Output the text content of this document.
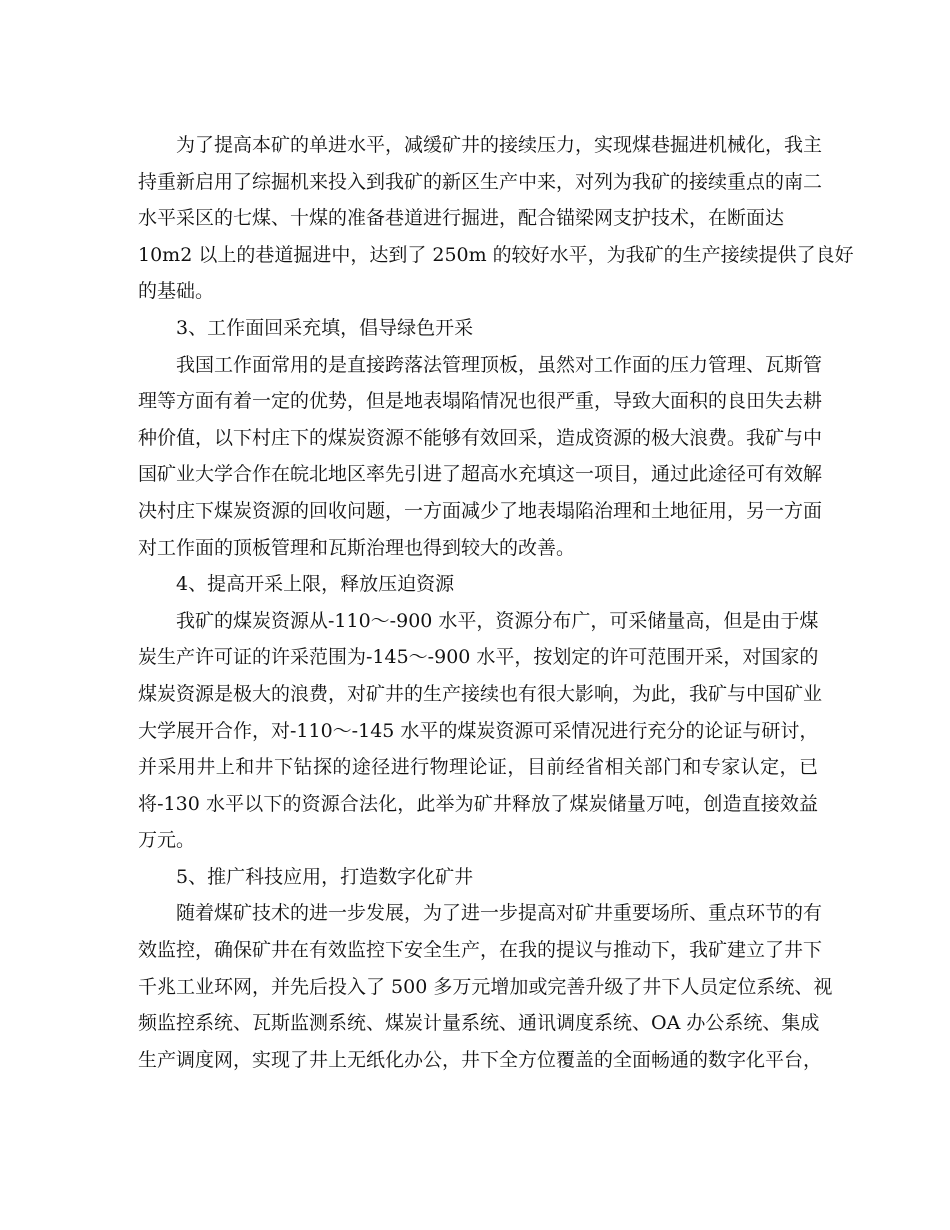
为了提高本矿的单进水平，减缓矿井的接续压力，实现煤巷掘进机械化，我主
持重新启用了综掘机来投入到我矿的新区生产中来，对列为我矿的接续重点的南二
水平采区的七煤、十煤的准备巷道进行掘进，配合锚梁网支护技术，在断面达
10m2 以上的巷道掘进中，达到了 250m 的较好水平，为我矿的生产接续提供了良好
的基础。
3、工作面回采充填，倡导绿色开采
我国工作面常用的是直接跨落法管理顶板，虽然对工作面的压力管理、瓦斯管
理等方面有着一定的优势，但是地表塌陷情况也很严重，导致大面积的良田失去耕
种价值，以下村庄下的煤炭资源不能够有效回采，造成资源的极大浪费。我矿与中
国矿业大学合作在皖北地区率先引进了超高水充填这一项目，通过此途径可有效解
决村庄下煤炭资源的回收问题，一方面减少了地表塌陷治理和土地征用，另一方面
对工作面的顶板管理和瓦斯治理也得到较大的改善。
4、提高开采上限，释放压迫资源
我矿的煤炭资源从-110～-900 水平，资源分布广，可采储量高，但是由于煤
炭生产许可证的许采范围为-145～-900 水平，按划定的许可范围开采，对国家的
煤炭资源是极大的浪费，对矿井的生产接续也有很大影响，为此，我矿与中国矿业
大学展开合作，对-110～-145 水平的煤炭资源可采情况进行充分的论证与研讨，
并采用井上和井下钻探的途径进行物理论证，目前经省相关部门和专家认定，已
将-130 水平以下的资源合法化，此举为矿井释放了煤炭储量万吨，创造直接效益
万元。
5、推广科技应用，打造数字化矿井
随着煤矿技术的进一步发展，为了进一步提高对矿井重要场所、重点环节的有
效监控，确保矿井在有效监控下安全生产，在我的提议与推动下，我矿建立了井下
千兆工业环网，并先后投入了 500 多万元增加或完善升级了井下人员定位系统、视
频监控系统、瓦斯监测系统、煤炭计量系统、通讯调度系统、OA 办公系统、集成
生产调度网，实现了井上无纸化办公，井下全方位覆盖的全面畅通的数字化平台，
